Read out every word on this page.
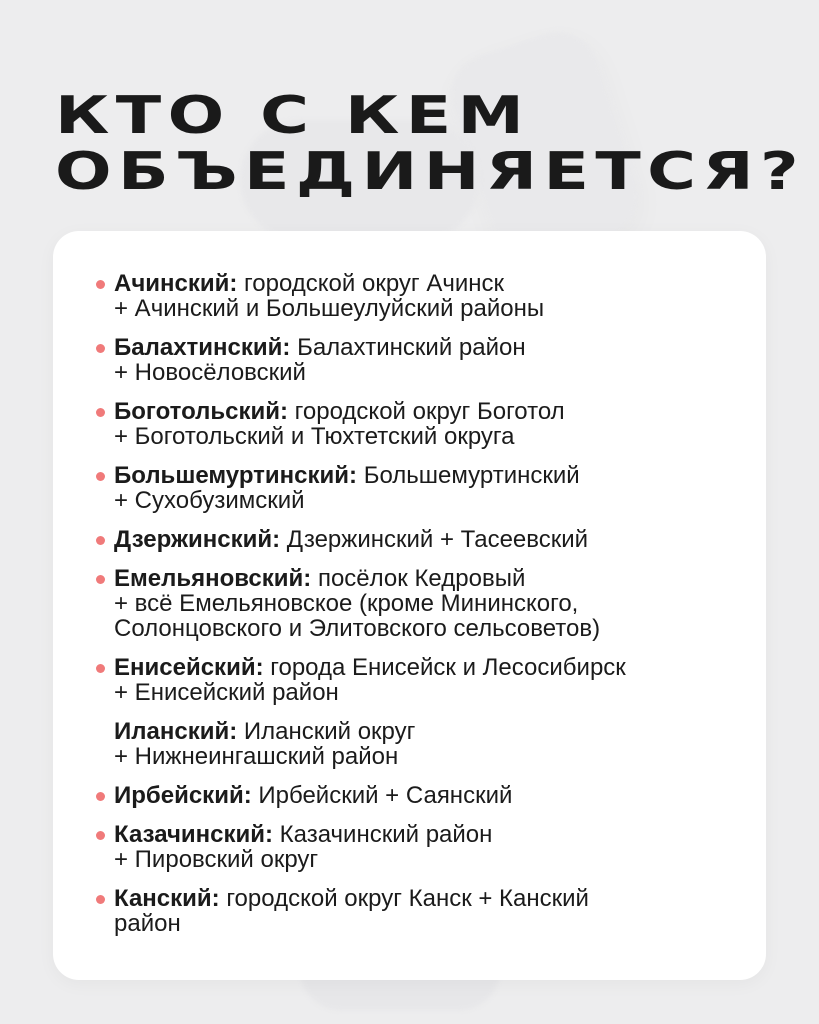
КТО С КЕМ
ОБЪЕДИНЯЕТСЯ?
Ачинский: городской округ Ачинск
+ Ачинский и Большеулуйский районы
Балахтинский: Балахтинский район
+ Новосёловский
Боготольский: городской округ Боготол
+ Боготольский и Тюхтетский округа
Большемуртинский: Большемуртинский
+ Сухобузимский
Дзержинский: Дзержинский + Тасеевский
Емельяновский: посёлок Кедровый
+ всё Емельяновское (кроме Мининского,
Солонцовского и Элитовского сельсоветов)
Енисейский: города Енисейск и Лесосибирск
+ Енисейский район
Иланский: Иланский округ
+ Нижнеингашский район
Ирбейский: Ирбейский + Саянский
Казачинский: Казачинский район
+ Пировский округ
Канский: городской округ Канск + Канский
район
